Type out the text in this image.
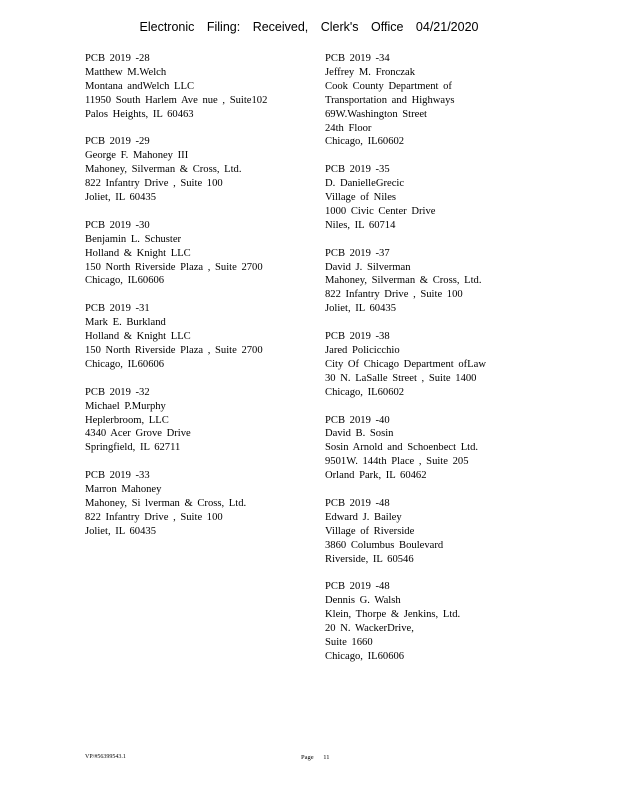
Electronic Filing: Received, Clerk's Office 04/21/2020
PCB 2019 -28
Matthew M.Welch
Montana andWelch LLC
11950 South Harlem Ave nue , Suite102
Palos Heights, IL 60463
PCB 2019 -29
George F. Mahoney III
Mahoney, Silverman & Cross, Ltd.
822 Infantry Drive , Suite 100
Joliet, IL 60435
PCB 2019 -30
Benjamin L. Schuster
Holland & Knight LLC
150 North Riverside Plaza , Suite 2700
Chicago, IL60606
PCB 2019 -31
Mark E. Burkland
Holland & Knight LLC
150 North Riverside Plaza , Suite 2700
Chicago, IL60606
PCB 2019 -32
Michael P.Murphy
Heplerbroom, LLC
4340 Acer Grove Drive
Springfield, IL 62711
PCB 2019 -33
Marron Mahoney
Mahoney, Si lverman & Cross, Ltd.
822 Infantry Drive , Suite 100
Joliet, IL 60435
PCB 2019 -34
Jeffrey M. Fronczak
Cook County Department of
Transportation and Highways
69W.Washington Street
24th Floor
Chicago, IL60602
PCB 2019 -35
D. DanielleGrecic
Village of Niles
1000 Civic Center Drive
Niles, IL 60714
PCB 2019 -37
David J. Silverman
Mahoney, Silverman & Cross, Ltd.
822 Infantry Drive , Suite 100
Joliet, IL 60435
PCB 2019 -38
Jared Policicchio
City Of Chicago Department ofLaw
30 N. LaSalle Street , Suite 1400
Chicago, IL60602
PCB 2019 -40
David B. Sosin
Sosin Arnold and Schoenbect Ltd.
9501W. 144th Place , Suite 205
Orland Park, IL 60462
PCB 2019 -48
Edward J. Bailey
Village of Riverside
3860 Columbus Boulevard
Riverside, IL 60546
PCB 2019 -48
Dennis G. Walsh
Klein, Thorpe & Jenkins, Ltd.
20 N. WackerDrive,
Suite 1660
Chicago, IL60606
VP/#56399543.1	Page 11
